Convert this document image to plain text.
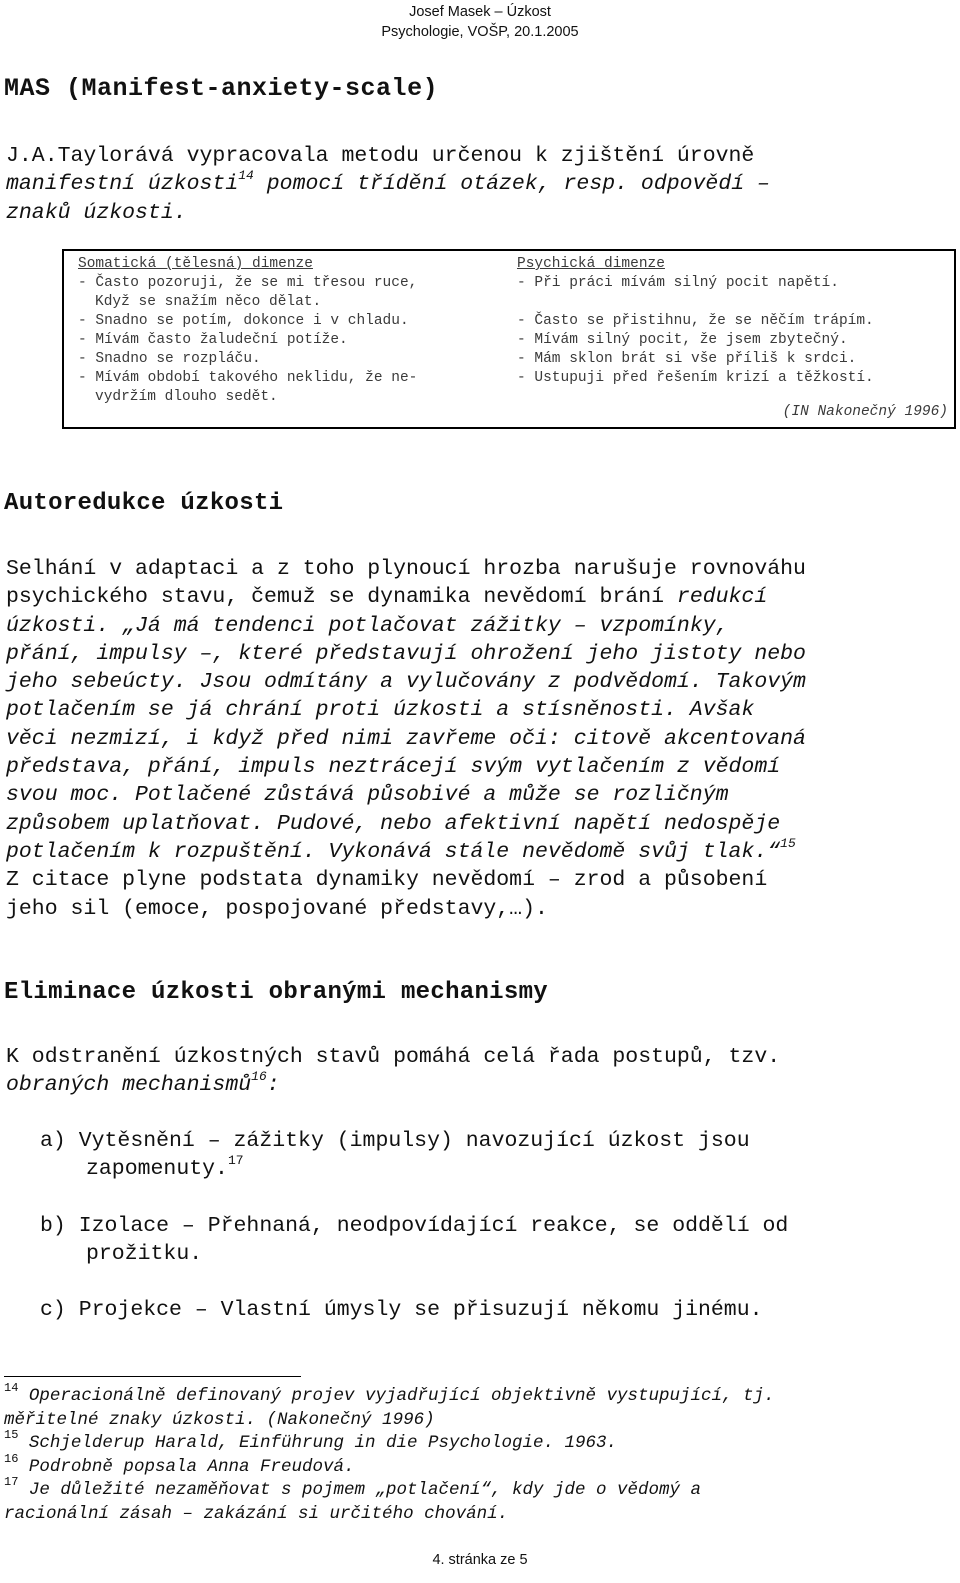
Josef Masek – Úzkost
Psychologie, VOŠP, 20.1.2005
MAS (Manifest-anxiety-scale)
J.A.Taylorává vypracovala metodu určenou k zjištění úrovně
manifestní úzkosti$^{14}$ pomocí třídění otázek, resp. odpovědí –
znaků úzkosti.
Somatická (tělesná) dimenze
- Často pozoruji, že se mi třesou ruce,
Když se snažím něco dělat.
- Snadno se potím, dokonce i v chladu.
- Mívám často žaludeční potíže.
- Snadno se rozpláču.
- Mívám období takového neklidu, že ne-
vydržím dlouho sedět.
Psychická dimenze
- Při práci mívám silný pocit napětí.
- Často se přistihnu, že se něčím trápím.
- Mívám silný pocit, že jsem zbytečný.
- Mám sklon brát si vše příliš k srdci.
- Ustupuji před řešením krizí a těžkostí.
(IN Nakonečný 1996)
Autoredukce úzkosti
Selhání v adaptaci a z toho plynoucí hrozba narušuje rovnováhu
psychického stavu, čemuž se dynamika nevědomí brání redukcí
úzkosti. „Já má tendenci potlačovat zážitky – vzpomínky,
přání, impulsy –, které představují ohrožení jeho jistoty nebo
jeho sebeúcty. Jsou odmítány a vylučovány z podvědomí. Takovým
potlačením se já chrání proti úzkosti a stísněnosti. Avšak
věci nezmizí, i když před nimi zavřeme oči: citově akcentovaná
představa, přání, impuls neztrácejí svým vytlačením z vědomí
svou moc. Potlačené zůstává působivé a může se rozličným
způsobem uplatňovat. Pudové, nebo afektivní napětí nedospěje
potlačením k rozpuštění. Vykonává stále nevědomě svůj tlak.“$^{15}$
Z citace plyne podstata dynamiky nevědomí – zrod a působení
jeho sil (emoce, pospojované představy,…).
Eliminace úzkosti obranými mechanismy
K odstranění úzkostných stavů pomáhá celá řada postupů, tzv.
obraných mechanismů$^{16}$:
a) Vytěsnění – zážitky (impulsy) navozující úzkost jsou
zapomenuty.$^{17}$
b) Izolace – Přehnaná, neodpovídající reakce, se oddělí od
prožitku.
c) Projekce – Vlastní úmysly se přisuzují někomu jinému.
$^{14}$ Operacionálně definovaný projev vyjadřující objektivně vystupující, tj.
měřitelné znaky úzkosti. (Nakonečný 1996)
$^{15}$ Schjelderup Harald, Einführung in die Psychologie. 1963.
$^{16}$ Podrobně popsala Anna Freudová.
$^{17}$ Je důležité nezaměňovat s pojmem „potlačení“, kdy jde o vědomý a
racionální zásah – zakázání si určitého chování.
4. stránka ze 5
